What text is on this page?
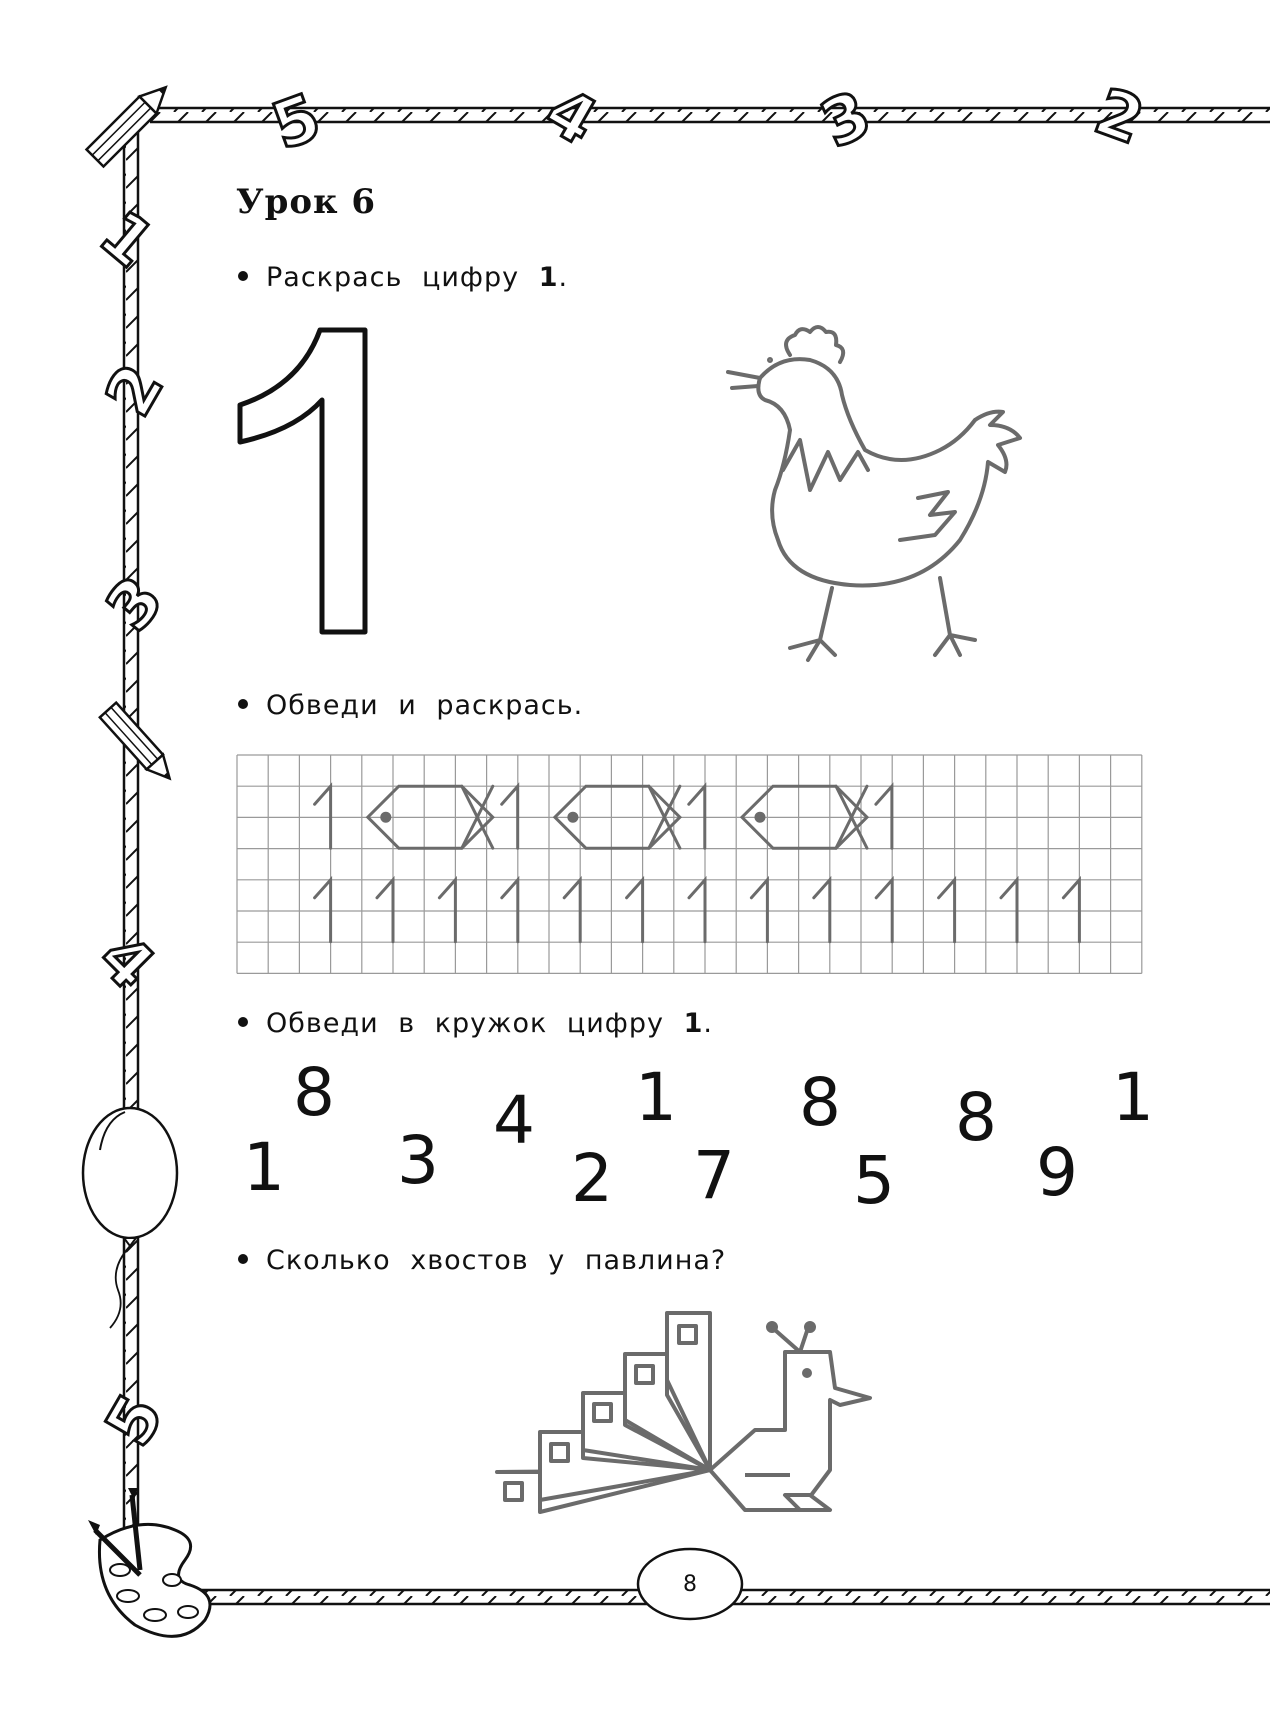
5	4	3	2
1
2
3
4
5
Урок 6
Раскрась цифру 1.
Обведи и раскрась.
Обведи в кружок цифру 1.
Сколько хвостов у павлина?
8
1 3
4 1
2 7
8
5
8
9
1
8
